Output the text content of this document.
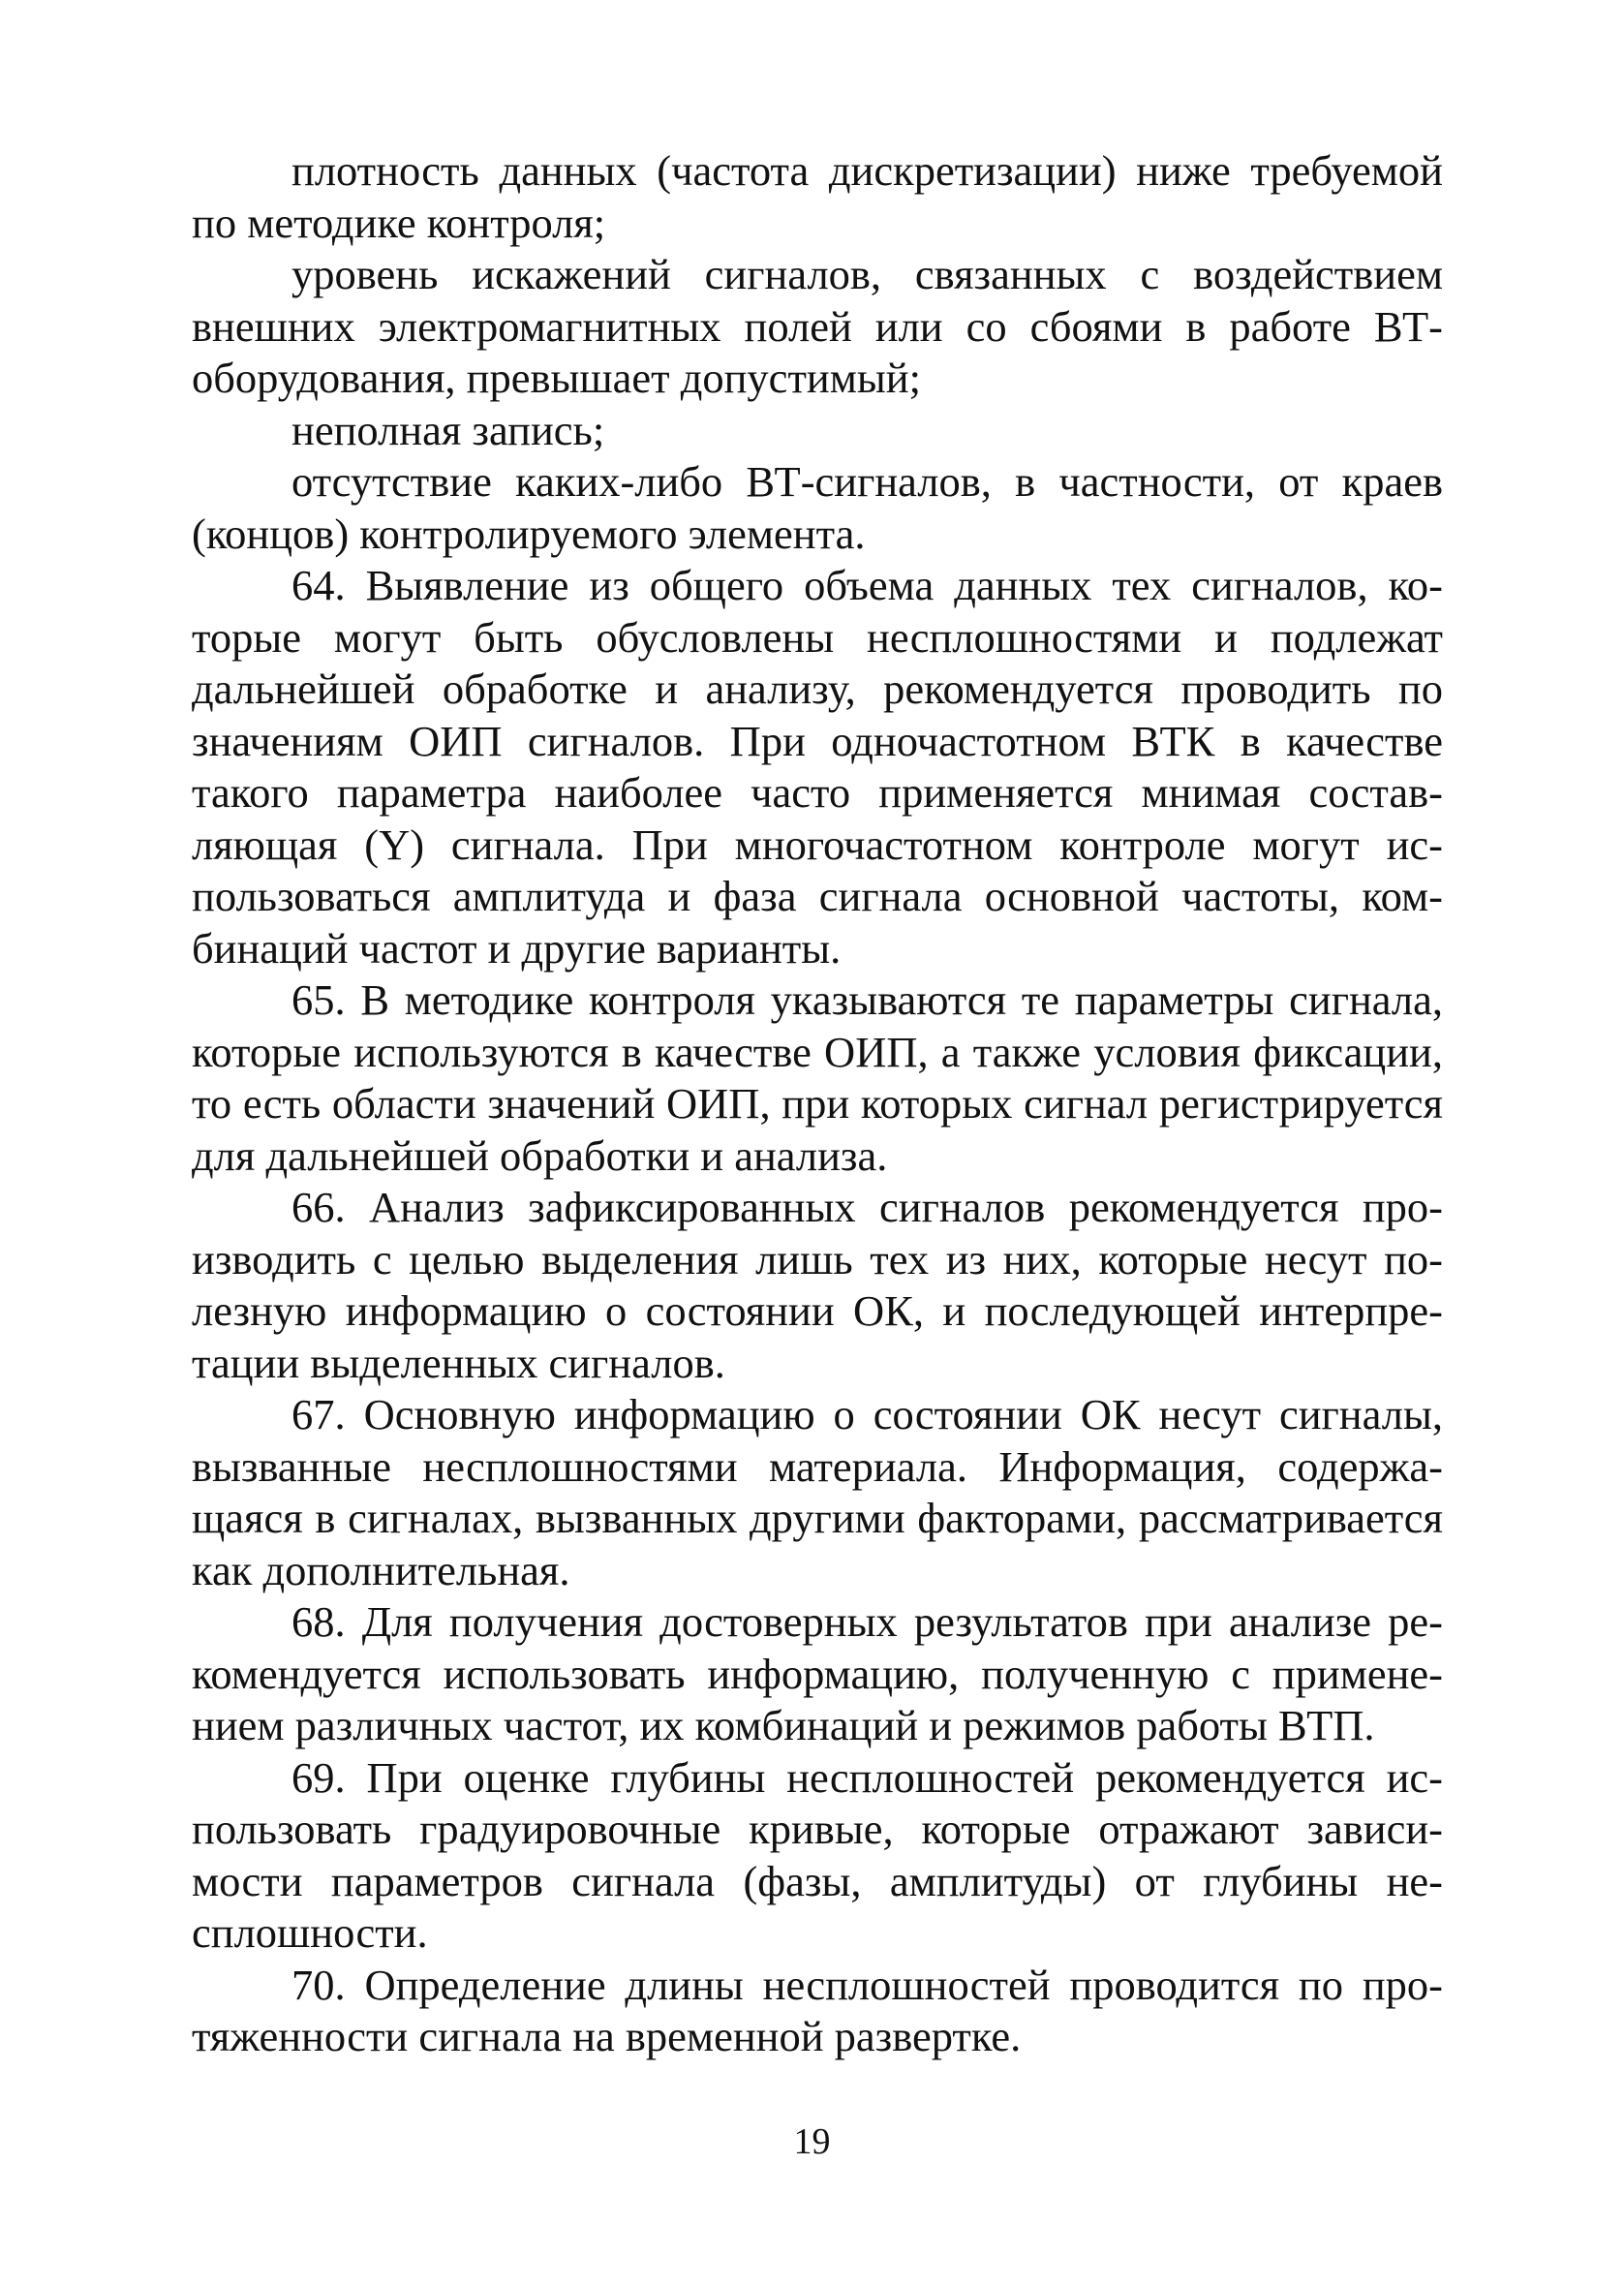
плотность данных (частота дискретизации) ниже требуемой по методике контроля;

уровень искажений сигналов, связанных с воздействием внешних электромагнитных полей или со сбоями в работе ВТ-оборудования, превышает допустимый;

неполная запись;

отсутствие каких-либо ВТ-сигналов, в частности, от краев (концов) контролируемого элемента.

64. Выявление из общего объема данных тех сигналов, которые могут быть обусловлены несплошностями и подлежат дальнейшей обработке и анализу, рекомендуется проводить по значениям ОИП сигналов. При одночастотном ВТК в качестве такого параметра наиболее часто применяется мнимая составляющая (Y) сигнала. При многочастотном контроле могут использоваться амплитуда и фаза сигнала основной частоты, комбинаций частот и другие варианты.

65. В методике контроля указываются те параметры сигнала, которые используются в качестве ОИП, а также условия фиксации, то есть области значений ОИП, при которых сигнал регистрируется для дальнейшей обработки и анализа.

66. Анализ зафиксированных сигналов рекомендуется производить с целью выделения лишь тех из них, которые несут полезную информацию о состоянии ОК, и последующей интерпретации выделенных сигналов.

67. Основную информацию о состоянии ОК несут сигналы, вызванные несплошностями материала. Информация, содержащаяся в сигналах, вызванных другими факторами, рассматривается как дополнительная.

68. Для получения достоверных результатов при анализе рекомендуется использовать информацию, полученную с применением различных частот, их комбинаций и режимов работы ВТП.

69. При оценке глубины несплошностей рекомендуется использовать градуировочные кривые, которые отражают зависимости параметров сигнала (фазы, амплитуды) от глубины несплошности.

70. Определение длины несплошностей проводится по протяженности сигнала на временной развертке.

19
